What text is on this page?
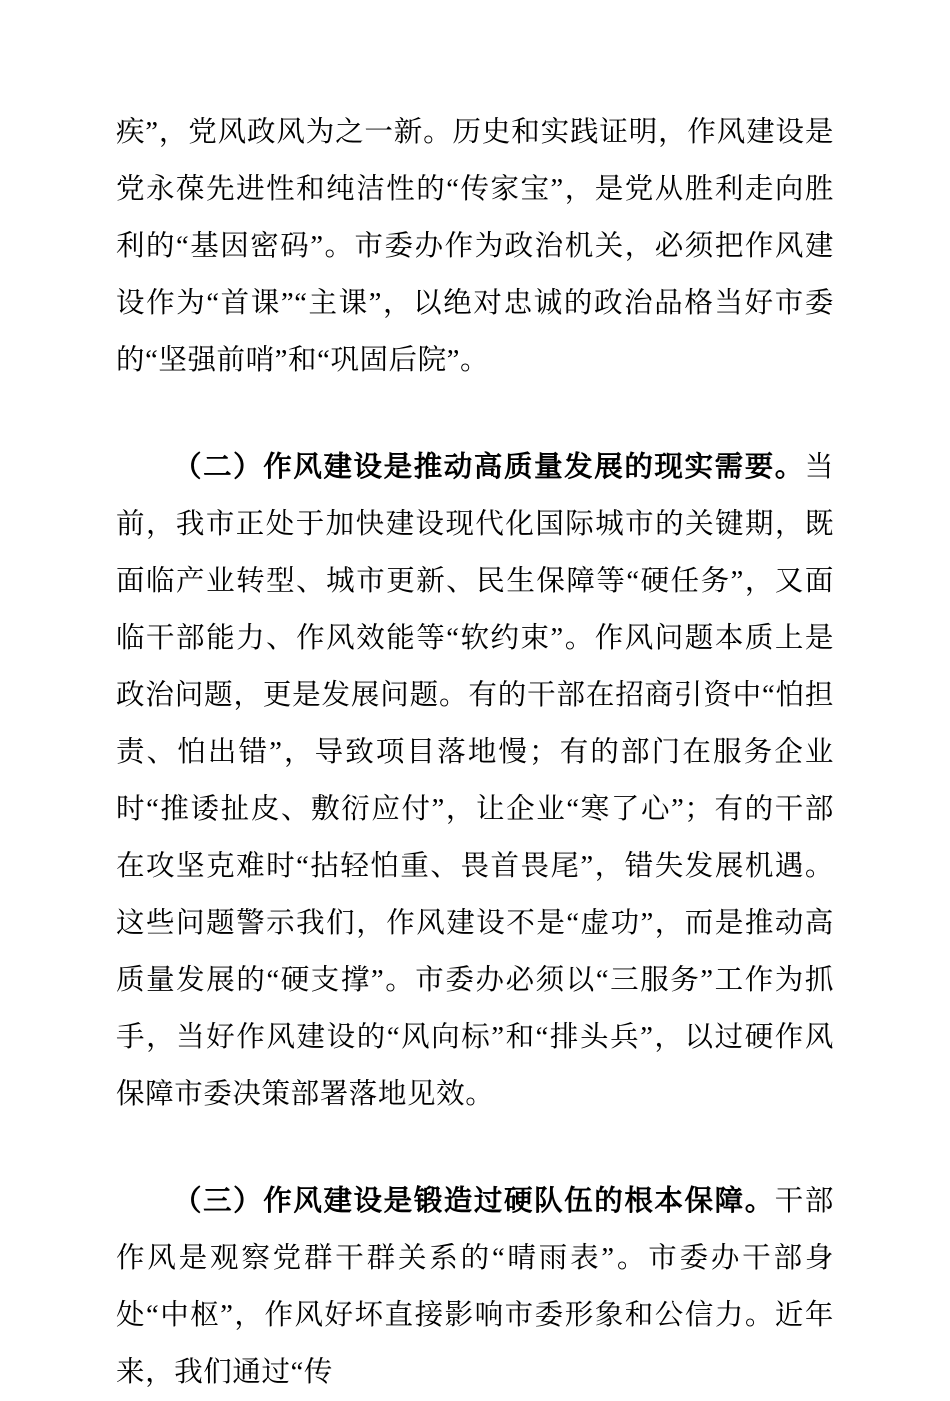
疾”，党风政风为之一新。历史和实践证明，作风建设是党永葆先进性和纯洁性的“传家宝”，是党从胜利走向胜利的“基因密码”。市委办作为政治机关，必须把作风建设作为“首课”“主课”，以绝对忠诚的政治品格当好市委的“坚强前哨”和“巩固后院”。

（二）作风建设是推动高质量发展的现实需要。当前，我市正处于加快建设现代化国际城市的关键期，既面临产业转型、城市更新、民生保障等“硬任务”，又面临干部能力、作风效能等“软约束”。作风问题本质上是政治问题，更是发展问题。有的干部在招商引资中“怕担责、怕出错”，导致项目落地慢；有的部门在服务企业时“推诿扯皮、敷衍应付”，让企业“寒了心”；有的干部在攻坚克难时“拈轻怕重、畏首畏尾”，错失发展机遇。这些问题警示我们，作风建设不是“虚功”，而是推动高质量发展的“硬支撑”。市委办必须以“三服务”工作为抓手，当好作风建设的“风向标”和“排头兵”，以过硬作风保障市委决策部署落地见效。

（三）作风建设是锻造过硬队伍的根本保障。干部作风是观察党群干群关系的“晴雨表”。市委办干部身处“中枢”，作风好坏直接影响市委形象和公信力。近年来，我们通过“传
